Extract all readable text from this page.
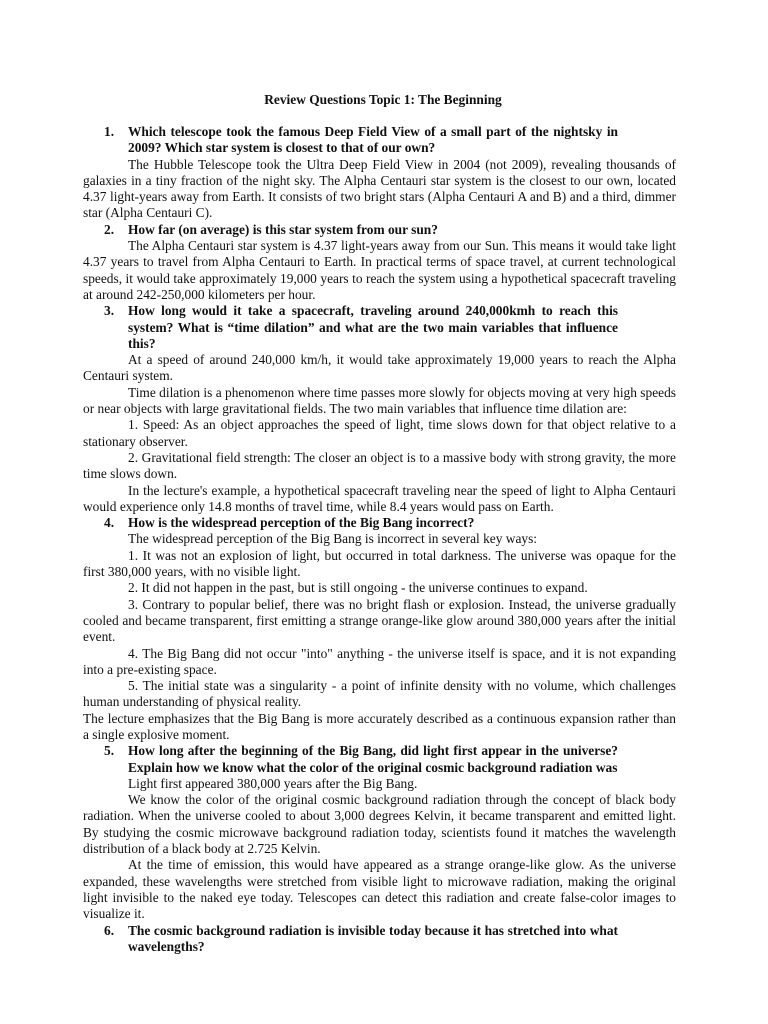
Review Questions Topic 1: The Beginning
1.	Which telescope took the famous Deep Field View of a small part of the nightsky in 2009? Which star system is closest to that of our own?

The Hubble Telescope took the Ultra Deep Field View in 2004 (not 2009), revealing thousands of galaxies in a tiny fraction of the night sky. The Alpha Centauri star system is the closest to our own, located 4.37 light-years away from Earth. It consists of two bright stars (Alpha Centauri A and B) and a third, dimmer star (Alpha Centauri C).

2.	How far (on average) is this star system from our sun?

The Alpha Centauri star system is 4.37 light-years away from our Sun. This means it would take light 4.37 years to travel from Alpha Centauri to Earth. In practical terms of space travel, at current technological speeds, it would take approximately 19,000 years to reach the system using a hypothetical spacecraft traveling at around 242-250,000 kilometers per hour.

3.	How long would it take a spacecraft, traveling around 240,000kmh to reach this system? What is “time dilation” and what are the two main variables that influence this?

At a speed of around 240,000 km/h, it would take approximately 19,000 years to reach the Alpha Centauri system.

Time dilation is a phenomenon where time passes more slowly for objects moving at very high speeds or near objects with large gravitational fields. The two main variables that influence time dilation are:

1. Speed: As an object approaches the speed of light, time slows down for that object relative to a stationary observer.

2. Gravitational field strength: The closer an object is to a massive body with strong gravity, the more time slows down.

In the lecture's example, a hypothetical spacecraft traveling near the speed of light to Alpha Centauri would experience only 14.8 months of travel time, while 8.4 years would pass on Earth.

4.	How is the widespread perception of the Big Bang incorrect?

The widespread perception of the Big Bang is incorrect in several key ways:

1. It was not an explosion of light, but occurred in total darkness. The universe was opaque for the first 380,000 years, with no visible light.

2. It did not happen in the past, but is still ongoing - the universe continues to expand.

3. Contrary to popular belief, there was no bright flash or explosion. Instead, the universe gradually cooled and became transparent, first emitting a strange orange-like glow around 380,000 years after the initial event.

4. The Big Bang did not occur "into" anything - the universe itself is space, and it is not expanding into a pre-existing space.

5. The initial state was a singularity - a point of infinite density with no volume, which challenges human understanding of physical reality.

The lecture emphasizes that the Big Bang is more accurately described as a continuous expansion rather than a single explosive moment.

5.	How long after the beginning of the Big Bang, did light first appear in the universe? Explain how we know what the color of the original cosmic background radiation was

Light first appeared 380,000 years after the Big Bang.

We know the color of the original cosmic background radiation through the concept of black body radiation. When the universe cooled to about 3,000 degrees Kelvin, it became transparent and emitted light. By studying the cosmic microwave background radiation today, scientists found it matches the wavelength distribution of a black body at 2.725 Kelvin.

At the time of emission, this would have appeared as a strange orange-like glow. As the universe expanded, these wavelengths were stretched from visible light to microwave radiation, making the original light invisible to the naked eye today. Telescopes can detect this radiation and create false-color images to visualize it.

6.	The cosmic background radiation is invisible today because it has stretched into what wavelengths?
